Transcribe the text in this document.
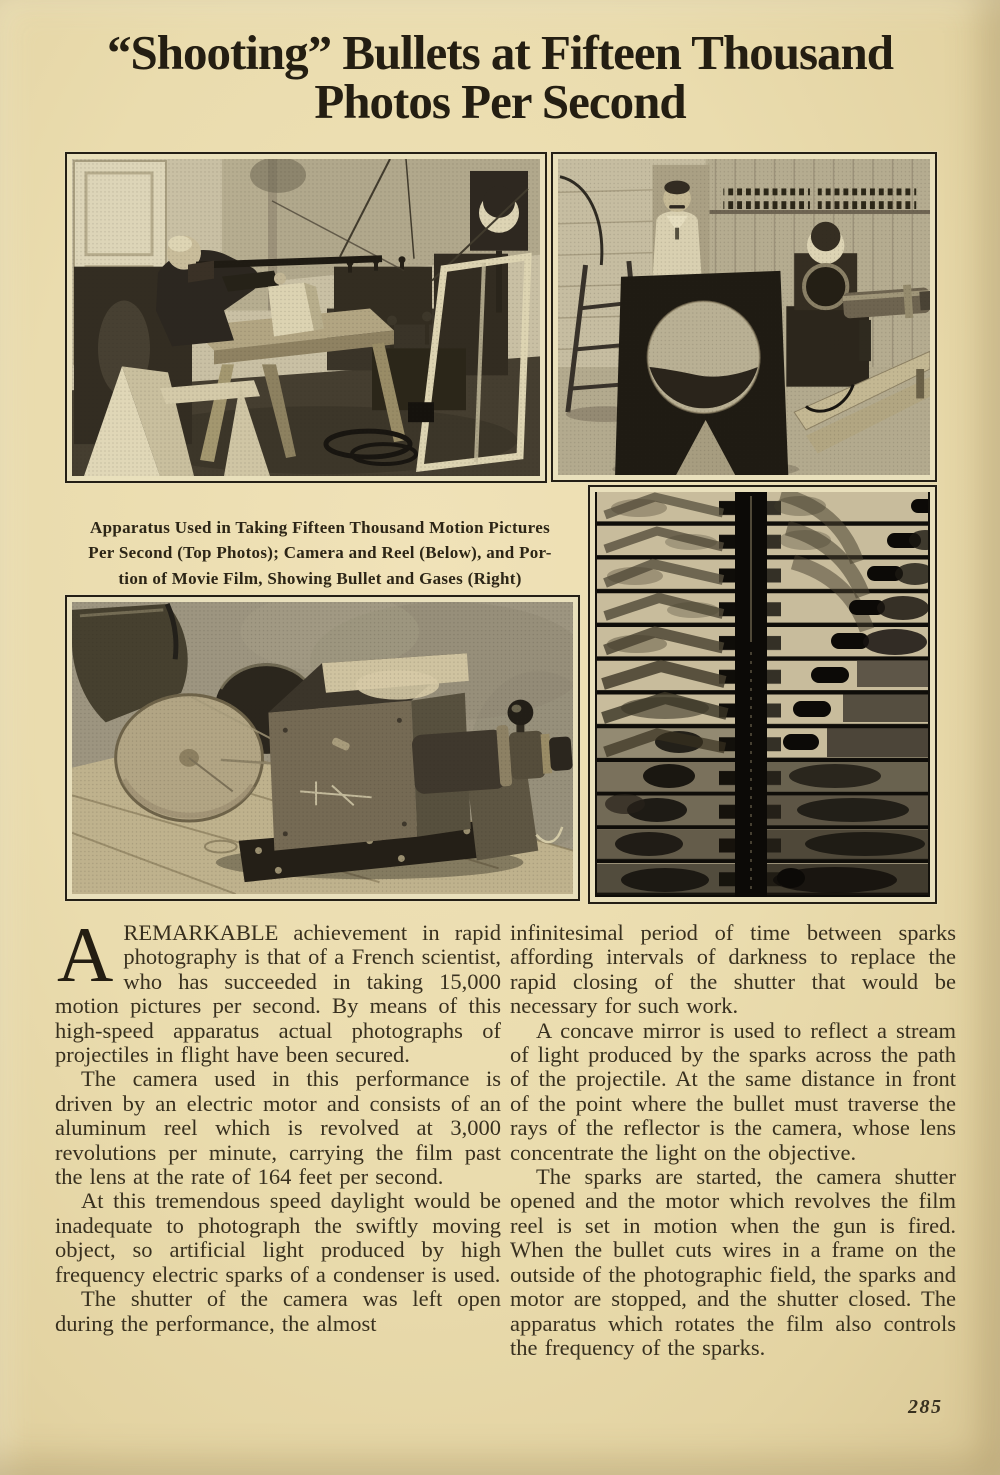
“Shooting” Bullets at Fifteen Thousand
Photos Per Second
Apparatus Used in Taking Fifteen Thousand Motion Pictures
Per Second (Top Photos); Camera and Reel (Below), and Por-
tion of Movie Film, Showing Bullet and Gases (Right)

AREMARKABLE achievement in rapid photography is that of a French scientist, who has succeeded in taking 15,000 motion pictures per second. By means of this high-speed apparatus actual photographs of projectiles in flight have been secured.

The camera used in this performance is driven by an electric motor and consists of an aluminum reel which is revolved at 3,000 revolutions per minute, carrying the film past the lens at the rate of 164 feet per second.

At this tremendous speed daylight would be inadequate to photograph the swiftly moving object, so artificial light produced by high frequency electric sparks of a condenser is used.

The shutter of the camera was left open during the performance, the almost

infinitesimal period of time between sparks affording intervals of darkness to replace the rapid closing of the shutter that would be necessary for such work.

A concave mirror is used to reflect a stream of light produced by the sparks across the path of the projectile. At the same distance in front of the point where the bullet must traverse the rays of the reflector is the camera, whose lens concentrate the light on the objective.

The sparks are started, the camera shutter opened and the motor which revolves the film reel is set in motion when the gun is fired. When the bullet cuts wires in a frame on the outside of the photographic field, the sparks and motor are stopped, and the shutter closed. The apparatus which rotates the film also controls the frequency of the sparks.

285
